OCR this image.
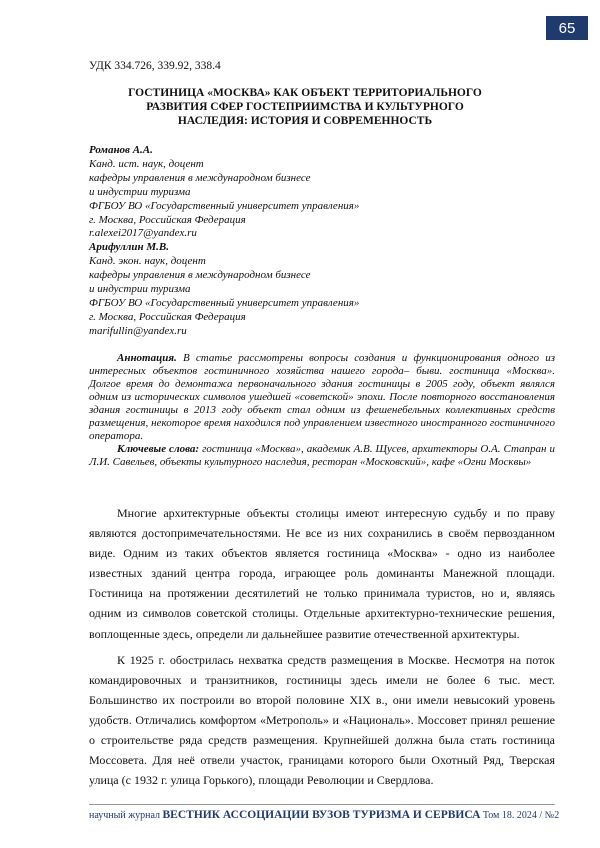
65
УДК 334.726, 339.92, 338.4
ГОСТИНИЦА «МОСКВА» КАК ОБЪЕКТ ТЕРРИТОРИАЛЬНОГО
РАЗВИТИЯ СФЕР ГОСТЕПРИИМСТВА И КУЛЬТУРНОГО
НАСЛЕДИЯ: ИСТОРИЯ И СОВРЕМЕННОСТЬ
Романов А.А.
Канд. ист. наук, доцент
кафедры управления в международном бизнесе
и индустрии туризма
ФГБОУ ВО «Государственный университет управления»
г. Москва, Российская Федерация
r.alexei2017@yandex.ru
Арифуллин М.В.
Канд. экон. наук, доцент
кафедры управления в международном бизнесе
и индустрии туризма
ФГБОУ ВО «Государственный университет управления»
г. Москва, Российская Федерация
marifullin@yandex.ru

Аннотация. В статье рассмотрены вопросы создания и функционирования одного из интересных объектов гостиничного хозяйства нашего города– быви. гостиница «Москва». Долгое время до демонтажа первоначального здания гостиницы в 2005 году, объект являлся одним из исторических символов ушедшей «советской» эпохи. После повторного восстановления здания гостиницы в 2013 году объект стал одним из фешенебельных коллективных средств размещения, некоторое время находился под управлением известного иностранного гостиничного оператора.

Ключевые слова: гостиница «Москва», академик А.В. Щусев, архитекторы О.А. Стапран и Л.И. Савельев, объекты культурного наследия, ресторан «Московский», кафе «Огни Москвы»

Многие архитектурные объекты столицы имеют интересную судьбу и по праву являются достопримечательностями. Не все из них сохранились в своём первозданном виде. Одним из таких объектов является гостиница «Москва» - одно из наиболее известных зданий центра города, играющее роль доминанты Манежной площади. Гостиница на протяжении десятилетий не только принимала туристов, но и, являясь одним из символов советской столицы. Отдельные архитектурно-технические решения, воплощенные здесь, определи ли дальнейшее развитие отечественной архитектуры.

К 1925 г. обострилась нехватка средств размещения в Москве. Несмотря на поток командировочных и транзитников, гостиницы здесь имели не более 6 тыс. мест. Большинство их построили во второй половине XIX в., они имели невысокий уровень удобств. Отличались комфортом «Метрополь» и «Националь». Моссовет принял решение о строительстве ряда средств размещения. Крупнейшей должна была стать гостиница Моссовета. Для неё отвели участок, границами которого были Охотный Ряд, Тверская улица (с 1932 г. улица Горького), площади Революции и Свердлова.

научный журнал ВЕСТНИК АССОЦИАЦИИ ВУЗОВ ТУРИЗМА И СЕРВИСА Том 18. 2024 / №2
